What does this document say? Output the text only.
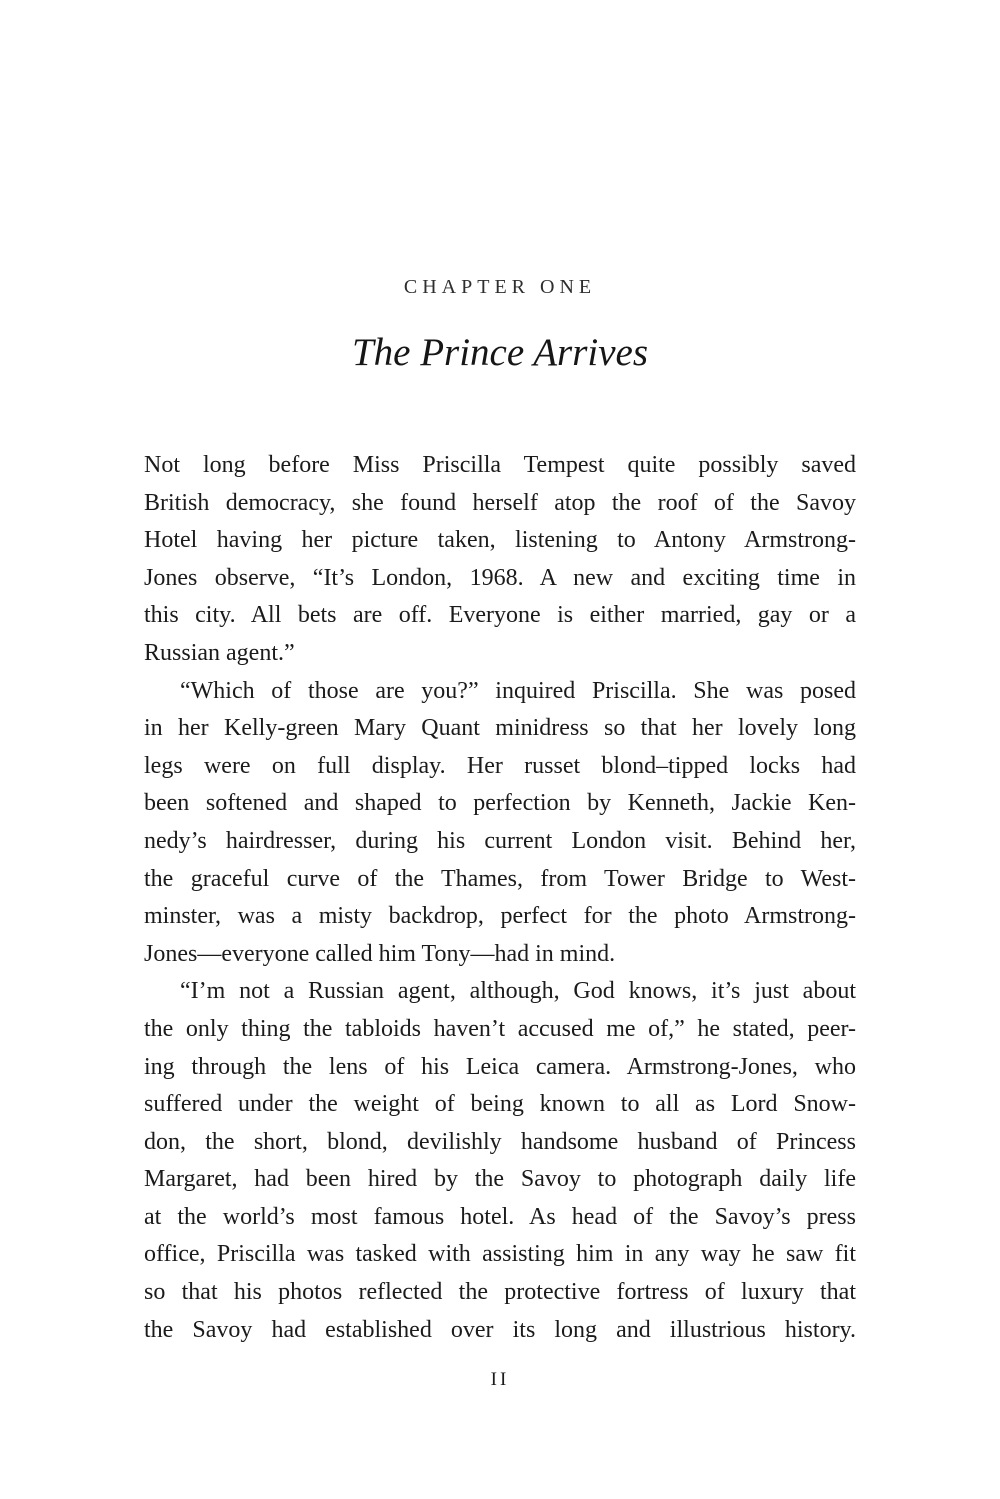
CHAPTER ONE
The Prince Arrives
Not long before Miss Priscilla Tempest quite possibly saved
British democracy, she found herself atop the roof of the Savoy
Hotel having her picture taken, listening to Antony Armstrong-
Jones observe, “It’s London, 1968. A new and exciting time in
this city. All bets are off. Everyone is either married, gay or a
Russian agent.”
“Which of those are you?” inquired Priscilla. She was posed
in her Kelly-green Mary Quant minidress so that her lovely long
legs were on full display. Her russet blond–tipped locks had
been softened and shaped to perfection by Kenneth, Jackie Ken-
nedy’s hairdresser, during his current London visit. Behind her,
the graceful curve of the Thames, from Tower Bridge to West-
minster, was a misty backdrop, perfect for the photo Armstrong-
Jones—everyone called him Tony—had in mind.
“I’m not a Russian agent, although, God knows, it’s just about
the only thing the tabloids haven’t accused me of,” he stated, peer-
ing through the lens of his Leica camera. Armstrong-Jones, who
suffered under the weight of being known to all as Lord Snow-
don, the short, blond, devilishly handsome husband of Princess
Margaret, had been hired by the Savoy to photograph daily life
at the world’s most famous hotel. As head of the Savoy’s press
office, Priscilla was tasked with assisting him in any way he saw fit
so that his photos reflected the protective fortress of luxury that
the Savoy had established over its long and illustrious history.
II
